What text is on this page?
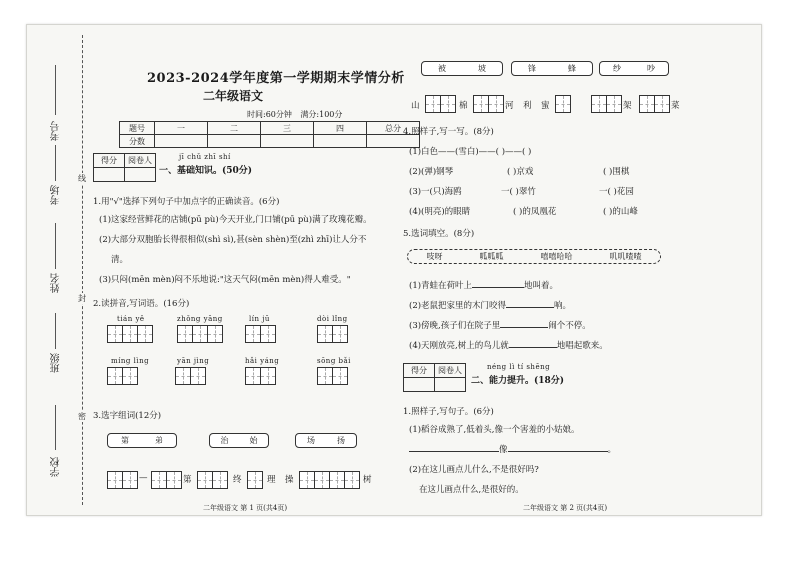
学校
班级
姓名
考场
考号
密
封
线
2023-2024学年度第一学期期末学情分析
二年级语文
时间:60分钟 满分:100分
题号	一	二	三	四	总分
分数					
得分	阅卷人
		jī chǔ zhī shí
一、基础知识。(50分)
1.用"√"选择下列句子中加点字的正确读音。(6分)
(1)这家经营鲜花的店铺(pū pù)今天开业,门口铺(pū pù)满了玫瑰花瓣。
(2)大部分双胞胎长得很相似(shì sì),甚(sèn shèn)至(zhì zhī)让人分不
清。
(3)只闷(mēn mèn)闷不乐地说:"这天气闷(mēn mèn)得人难受。"
2.读拼音,写词语。(16分)
tián yě	zhǒng yāng	lín jū	dòi lǐng
míng lìng	yān jìng	hǎi yáng	sōng bǎi
3.选字组词(12分)
第	弟	治	始	场	扬
—	第	终	理 操	树
二年级语文 第 1 页(共4页)
被	坡	锋	蜂	纱	吵
山	棉	河 利 蜜	架	菜
4.照样子,写一写。(8分)
(1)白色——(雪白)——( )——( )
(2)(弹)钢琴	( )京戏	( )围棋
(3)一(只)海鸥	一( )翠竹	一( )花园
(4)(明亮)的眼睛	( )的凤凰花	( )的山峰
5.选词填空。(8分)
吱呀	呱呱呱	嘻嘻哈哈	叽叽喳喳
(1)青蛙在荷叶上	地叫着。
(2)老鼠把家里的木门咬得	响。
(3)傍晚,孩子们在院子里	闹个不停。
(4)天刚放亮,树上的鸟儿就	地唱起歌来。
得分	阅卷人
		néng lì tí shēng
二、能力提升。(18分)
1.照样子,写句子。(6分)
(1)稻谷成熟了,低着头,像一个害羞的小姑娘。
像	。
(2)在这儿画点儿什么,不是很好吗?
在这儿画点什么,是很好的。
二年级语文 第 2 页(共4页)
